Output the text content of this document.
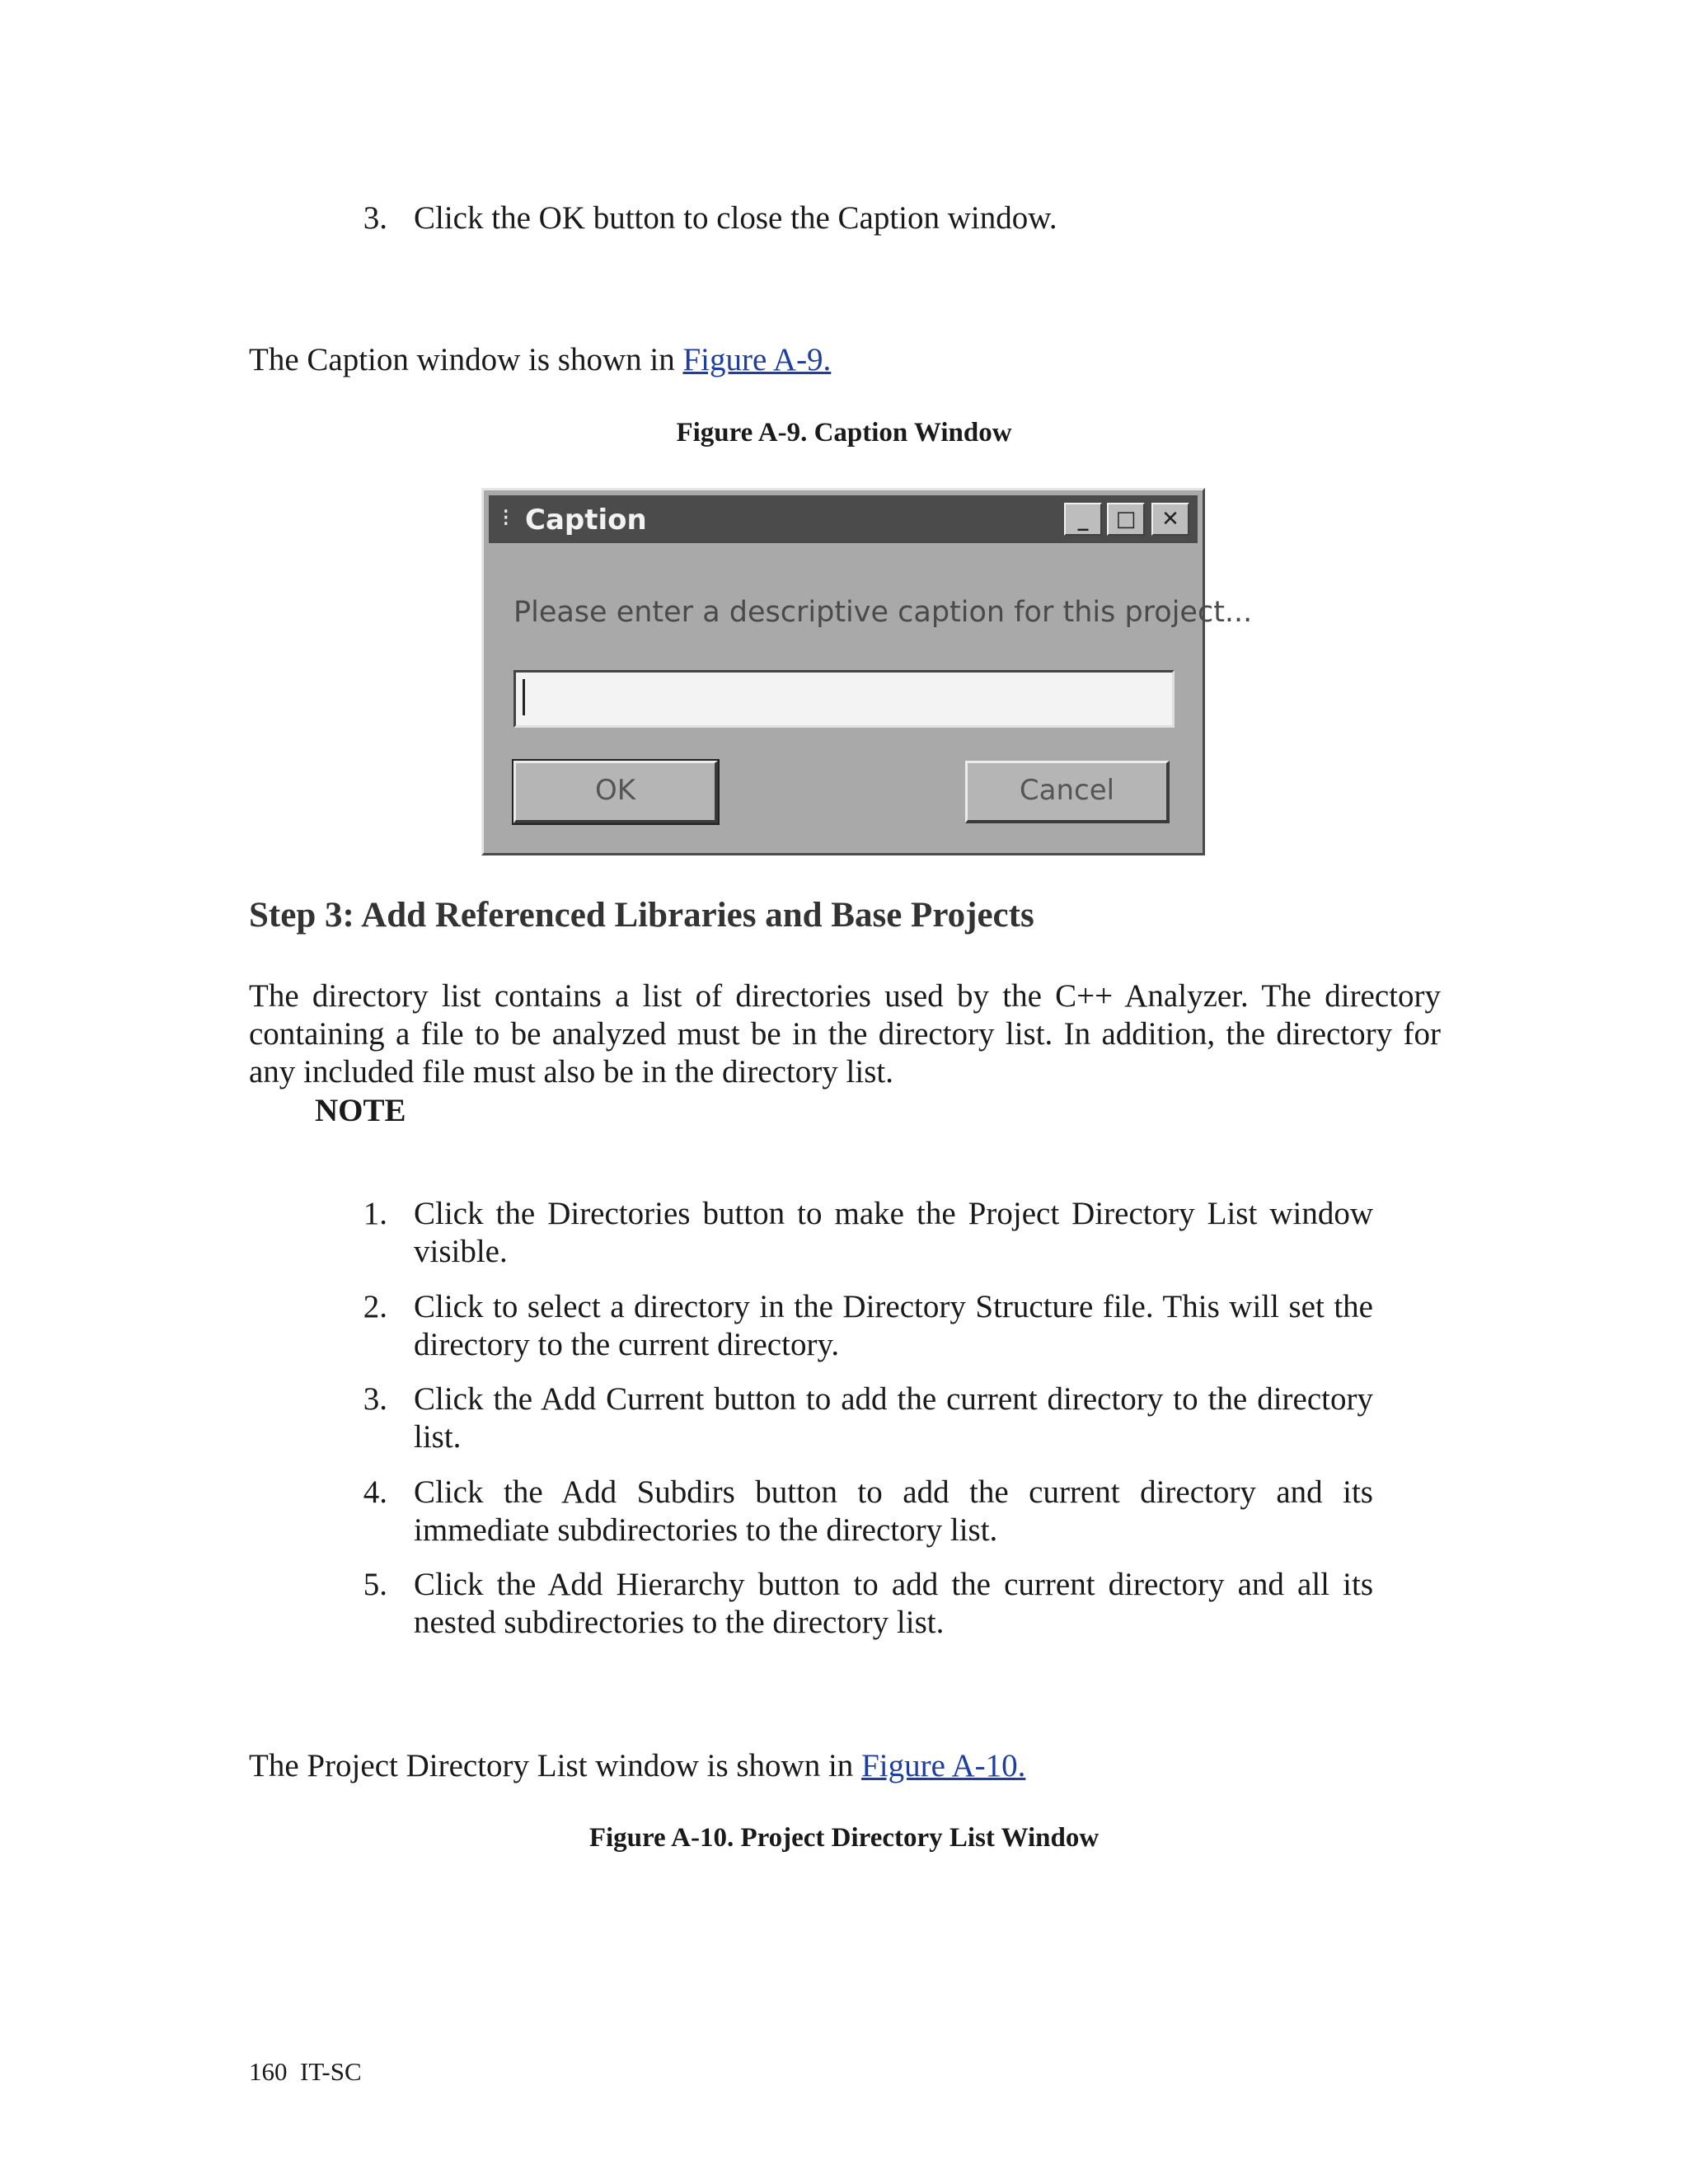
3. Click the OK button to close the Caption window.
The Caption window is shown in Figure A-9.
Figure A-9. Caption Window
⁝ Caption	_	□	✕
Please enter a descriptive caption for this project...
OK	Cancel
Step 3: Add Referenced Libraries and Base Projects
The directory list contains a list of directories used by the C++ Analyzer. The directory containing a file to be analyzed must be in the directory list. In addition, the directory for any included file must also be in the directory list.
NOTE
1. Click the Directories button to make the Project Directory List window visible.
2. Click to select a directory in the Directory Structure file. This will set the directory to the current directory.
3. Click the Add Current button to add the current directory to the directory list.
4. Click the Add Subdirs button to add the current directory and its immediate subdirectories to the directory list.
5. Click the Add Hierarchy button to add the current directory and all its nested subdirectories to the directory list.
The Project Directory List window is shown in Figure A-10.
Figure A-10. Project Directory List Window
160  IT-SC
